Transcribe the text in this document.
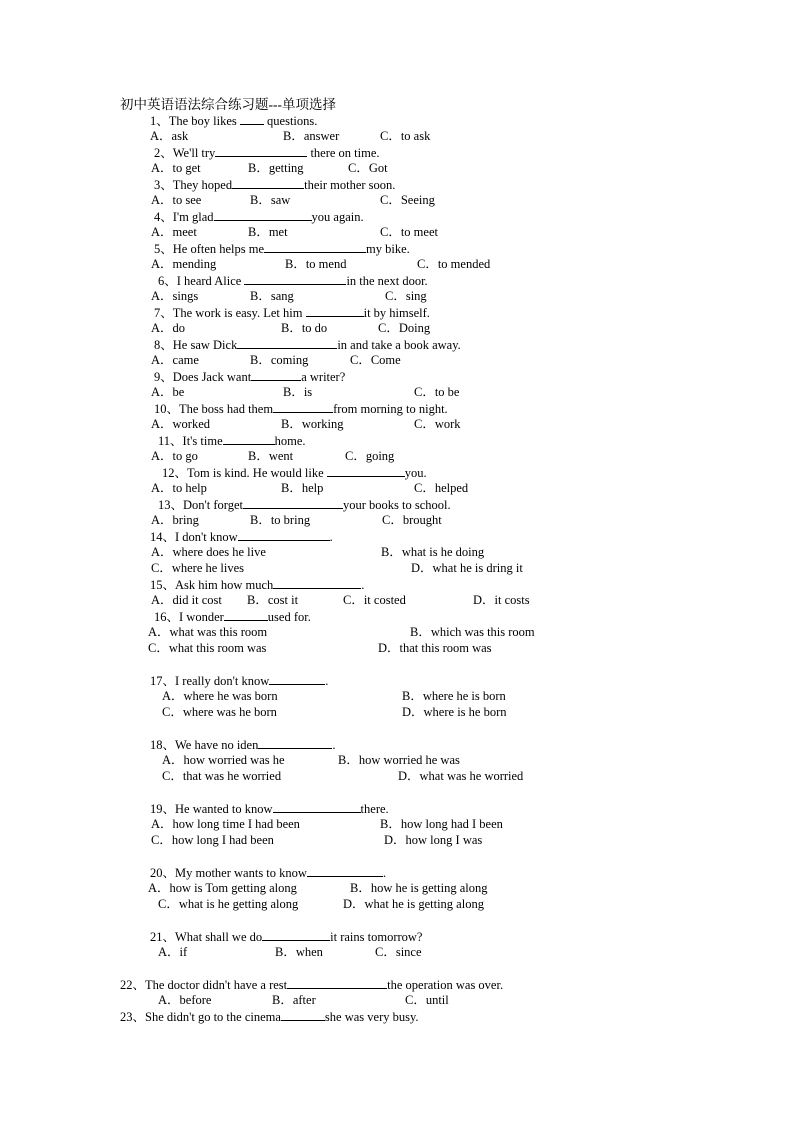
初中英语语法综合练习题---单项选择
1、The boy likes  questions.
A．ask	B．answer	C．to ask
2、We'll try	there on time.
A．to get	B．getting	C．Got
3、They hoped	their mother soon.
A．to see	B．saw	C．Seeing
4、I'm glad	you again.
A．meet	B．met	C．to meet
5、He often helps me	my bike.
A．mending	B．to mend	C．to mended
6、I heard Alice	in the next door.
A．sings	B．sang	C．sing
7、The work is easy. Let him	it by himself.
A．do	B．to do	C．Doing
8、He saw Dick	in and take a book away.
A．came	B．coming	C．Come
9、Does Jack want	a writer?
A．be	B．is	C．to be
10、The boss had them	from morning to night.
A．worked	B．working	C．work
11、It's time	home.
A．to go	B．went	C．going
12、Tom is kind. He would like	you.
A．to help	B．help	C．helped
13、Don't forget	your books to school.
A．bring	B．to bring	C．brought
14、I don't know	.
A．where does he live	B．what is he doing
C．where he lives	D．what he is dring it
15、Ask him how much	.
A．did it cost B．cost it	C．it costed	D．it costs
16、I wonder	used for.
A．what was this room	B．which was this room
C．what this room was	D．that this room was
17、I really don't know	.
A．where he was born	B．where he is born
C．where was he born	D．where is he born
18、We have no iden	.
A．how worried was he	B．how worried he was
C．that was he worried	D．what was he worried
19、He wanted to know	there.
A．how long time I had been	B．how long had I been
C．how long I had been	D．how long I was
20、My mother wants to know	.
A．how is Tom getting along	B．how he is getting along
C．what is he getting along	D．what he is getting along
21、What shall we do	it rains tomorrow?
A．if	B．when	C．since
22、The doctor didn't have a rest	the operation was over.
A．before	B．after	C．until
23、She didn't go to the cinema	she was very busy.
